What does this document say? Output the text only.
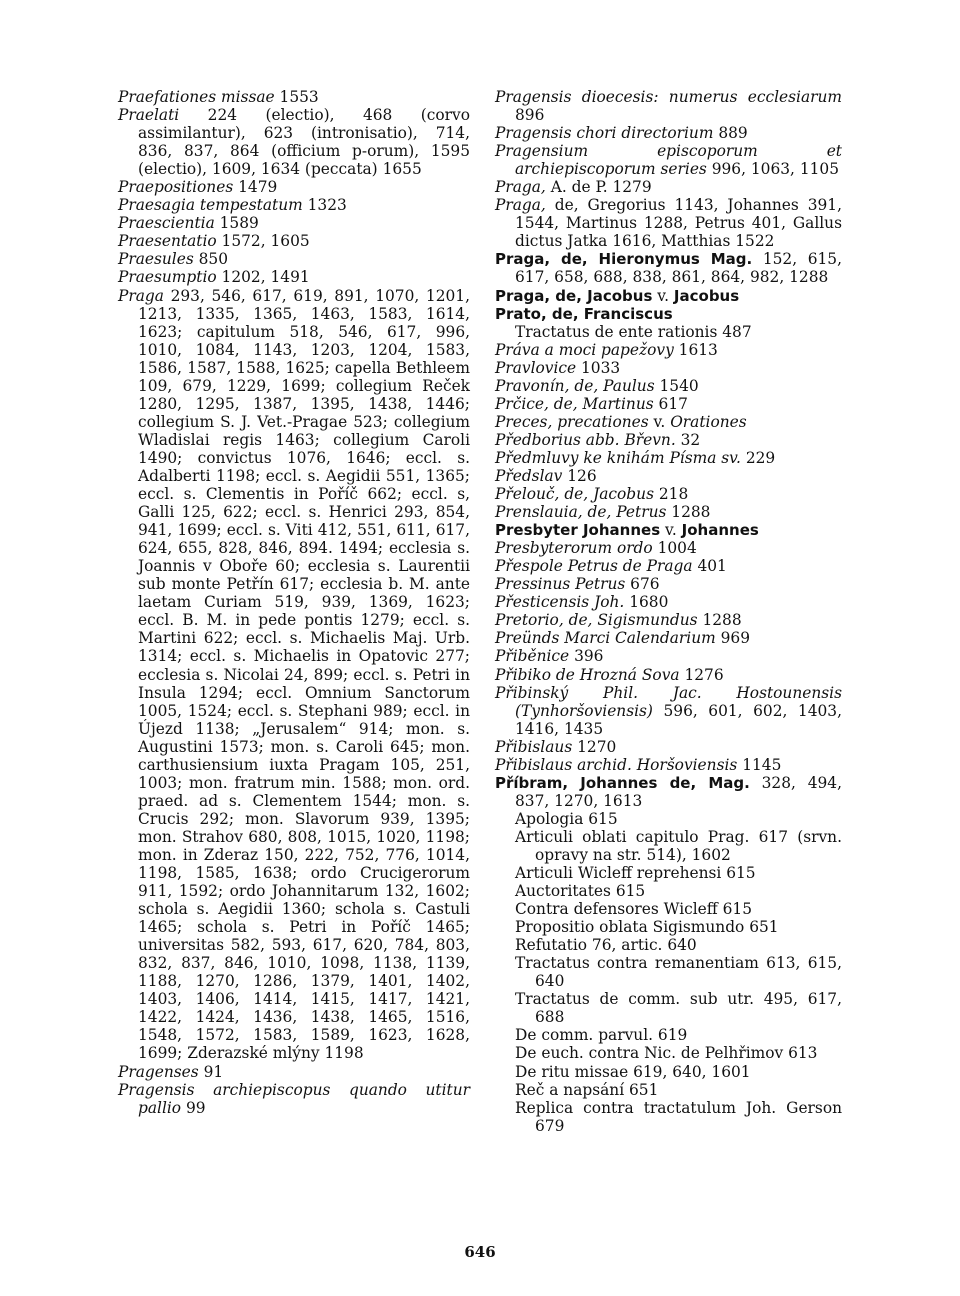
Praefationes missae 1553

Praelati 224 (electio), 468 (corvo assimilantur), 623 (intronisatio), 714, 836, 837, 864 (officium p-orum), 1595 (electio), 1609, 1634 (peccata) 1655

Praepositiones 1479

Praesagia tempestatum 1323

Praescientia 1589

Praesentatio 1572, 1605

Praesules 850

Praesumptio 1202, 1491

Praga 293, 546, 617, 619, 891, 1070, 1201, 1213, 1335, 1365, 1463, 1583, 1614, 1623; capitulum 518, 546, 617, 996, 1010, 1084, 1143, 1203, 1204, 1583, 1586, 1587, 1588, 1625; capella Bethleem 109, 679, 1229, 1699; collegium Reček 1280, 1295, 1387, 1395, 1438, 1446; collegium S. J. Vet.-Pragae 523; collegium Wladislai regis 1463; collegium Caroli 1490; convictus 1076, 1646; eccl. s. Adalberti 1198; eccl. s. Aegidii 551, 1365; eccl. s. Clementis in Poříč 662; eccl. s, Galli 125, 622; eccl. s. Henrici 293, 854, 941, 1699; eccl. s. Viti 412, 551, 611, 617, 624, 655, 828, 846, 894. 1494; ecclesia s. Joannis v Oboře 60; ecclesia s. Laurentii sub monte Petřín 617; ecclesia b. M. ante laetam Curiam 519, 939, 1369, 1623; eccl. B. M. in pede pontis 1279; eccl. s. Martini 622; eccl. s. Michaelis Maj. Urb. 1314; eccl. s. Michaelis in Opatovic 277; ecclesia s. Nicolai 24, 899; eccl. s. Petri in Insula 1294; eccl. Omnium Sanctorum 1005, 1524; eccl. s. Stephani 989; eccl. in Újezd 1138; „Jerusalem“ 914; mon. s. Augustini 1573; mon. s. Caroli 645; mon. carthusiensium iuxta Pragam 105, 251, 1003; mon. fratrum min. 1588; mon. ord. praed. ad s. Clementem 1544; mon. s. Crucis 292; mon. Slavorum 939, 1395; mon. Strahov 680, 808, 1015, 1020, 1198; mon. in Zderaz 150, 222, 752, 776, 1014, 1198, 1585, 1638; ordo Crucigerorum 911, 1592; ordo Johannitarum 132, 1602; schola s. Aegidii 1360; schola s. Castuli 1465; schola s. Petri in Poříč 1465; universitas 582, 593, 617, 620, 784, 803, 832, 837, 846, 1010, 1098, 1138, 1139, 1188, 1270, 1286, 1379, 1401, 1402, 1403, 1406, 1414, 1415, 1417, 1421, 1422, 1424, 1436, 1438, 1465, 1516, 1548, 1572, 1583, 1589, 1623, 1628, 1699; Zderazské mlýny 1198

Pragenses 91

Pragensis archiepiscopus quando utitur pallio 99

Pragensis dioecesis: numerus ecclesiarum 896

Pragensis chori directorium 889

Pragensium episcoporum et archiepiscoporum series 996, 1063, 1105

Praga, A. de P. 1279

Praga, de, Gregorius 1143, Johannes 391, 1544, Martinus 1288, Petrus 401, Gallus dictus Jatka 1616, Matthias 1522

Praga, de, Hieronymus Mag. 152, 615, 617, 658, 688, 838, 861, 864, 982, 1288

Praga, de, Jacobus v. Jacobus

Prato, de, Franciscus

Tractatus de ente rationis 487

Práva a moci papežovy 1613

Pravlovice 1033

Pravonín, de, Paulus 1540

Prčice, de, Martinus 617

Preces, precationes v. Orationes

Předborius abb. Břevn. 32

Předmluvy ke knihám Písma sv. 229

Předslav 126

Přelouč, de, Jacobus 218

Prenslauia, de, Petrus 1288

Presbyter Johannes v. Johannes

Presbyterorum ordo 1004

Přespole Petrus de Praga 401

Pressinus Petrus 676

Přesticensis Joh. 1680

Pretorio, de, Sigismundus 1288

Preünds Marci Calendarium 969

Přiběnice 396

Přibiko de Hrozná Sova 1276

Přibinský Phil. Jac. Hostounensis (Tynhoršoviensis) 596, 601, 602, 1403, 1416, 1435

Přibislaus 1270

Přibislaus archid. Horšoviensis 1145

Příbram, Johannes de, Mag. 328, 494, 837, 1270, 1613

Apologia 615

Articuli oblati capitulo Prag. 617 (srvn. opravy na str. 514), 1602

Articuli Wicleff reprehensi 615

Auctoritates 615

Contra defensores Wicleff 615

Propositio oblata Sigismundo 651

Refutatio 76, artic. 640

Tractatus contra remanentiam 613, 615, 640

Tractatus de comm. sub utr. 495, 617, 688

De comm. parvul. 619

De euch. contra Nic. de Pelhřimov 613

De ritu missae 619, 640, 1601

Reč a napsání 651

Replica contra tractatulum Joh. Gerson 679

646
